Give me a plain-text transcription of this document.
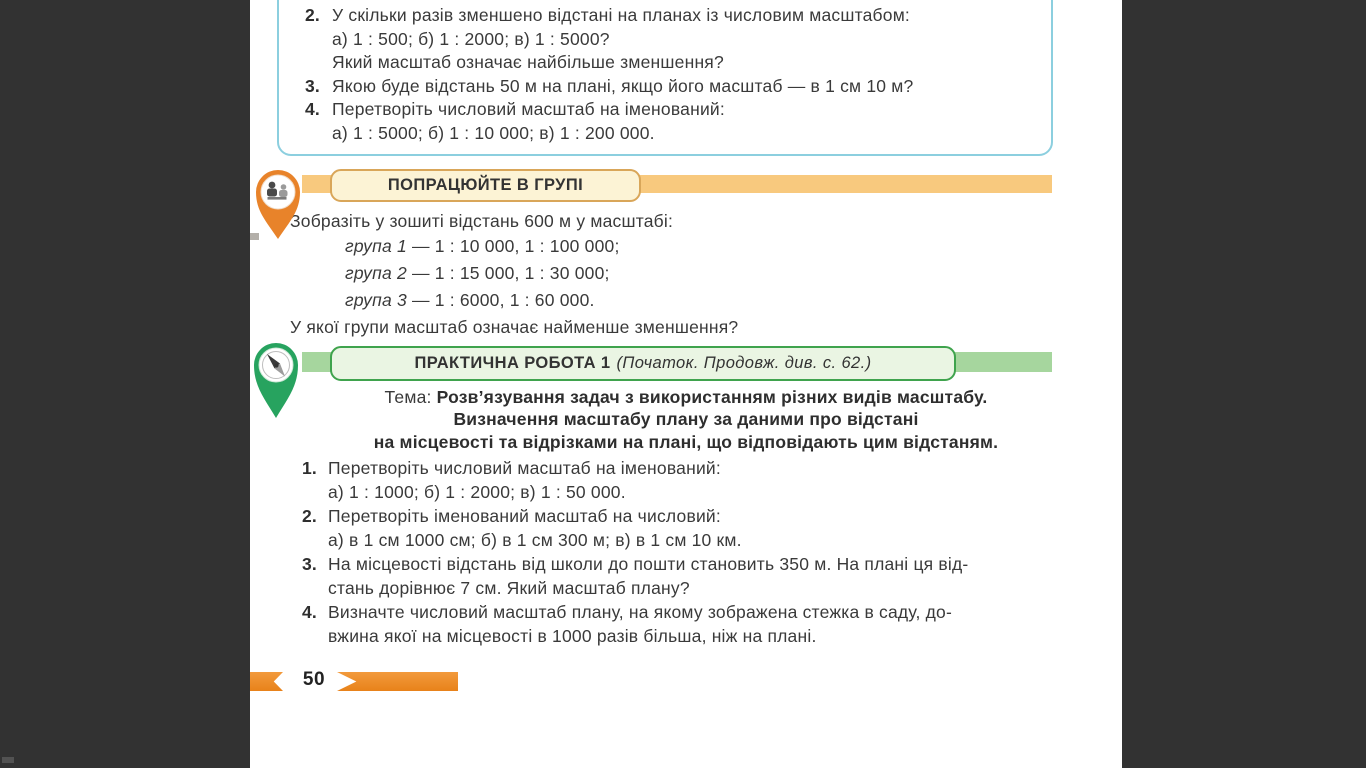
2. У скільки разів зменшено відстані на планах із числовим масштабом:
а) 1 : 500; б) 1 : 2000; в) 1 : 5000?
Який масштаб означає найбільше зменшення?
3. Якою буде відстань 50 м на плані, якщо його масштаб — в 1 см 10 м?
4. Перетворіть числовий масштаб на іменований:
а) 1 : 5000; б) 1 : 10 000; в) 1 : 200 000.
ПОПРАЦЮЙТЕ В ГРУПІ
Зобразіть у зошиті відстань 600 м у масштабі:
група 1 — 1 : 10 000, 1 : 100 000;
група 2 — 1 : 15 000, 1 : 30 000;
група 3 — 1 : 6000, 1 : 60 000.
У якої групи масштаб означає найменше зменшення?
ПРАКТИЧНА РОБОТА 1 (Початок. Продовж. див. с. 62.)
Тема: Розв’язування задач з використанням різних видів масштабу.
Визначення масштабу плану за даними про відстані
на місцевості та відрізками на плані, що відповідають цим відстаням.
1. Перетворіть числовий масштаб на іменований:
а) 1 : 1000; б) 1 : 2000; в) 1 : 50 000.
2. Перетворіть іменований масштаб на числовий:
а) в 1 см 1000 см; б) в 1 см 300 м; в) в 1 см 10 км.
3. На місцевості відстань від школи до пошти становить 350 м. На плані ця від-
стань дорівнює 7 см. Який масштаб плану?
4. Визначте числовий масштаб плану, на якому зображена стежка в саду, до-
вжина якої на місцевості в 1000 разів більша, ніж на плані.
50
